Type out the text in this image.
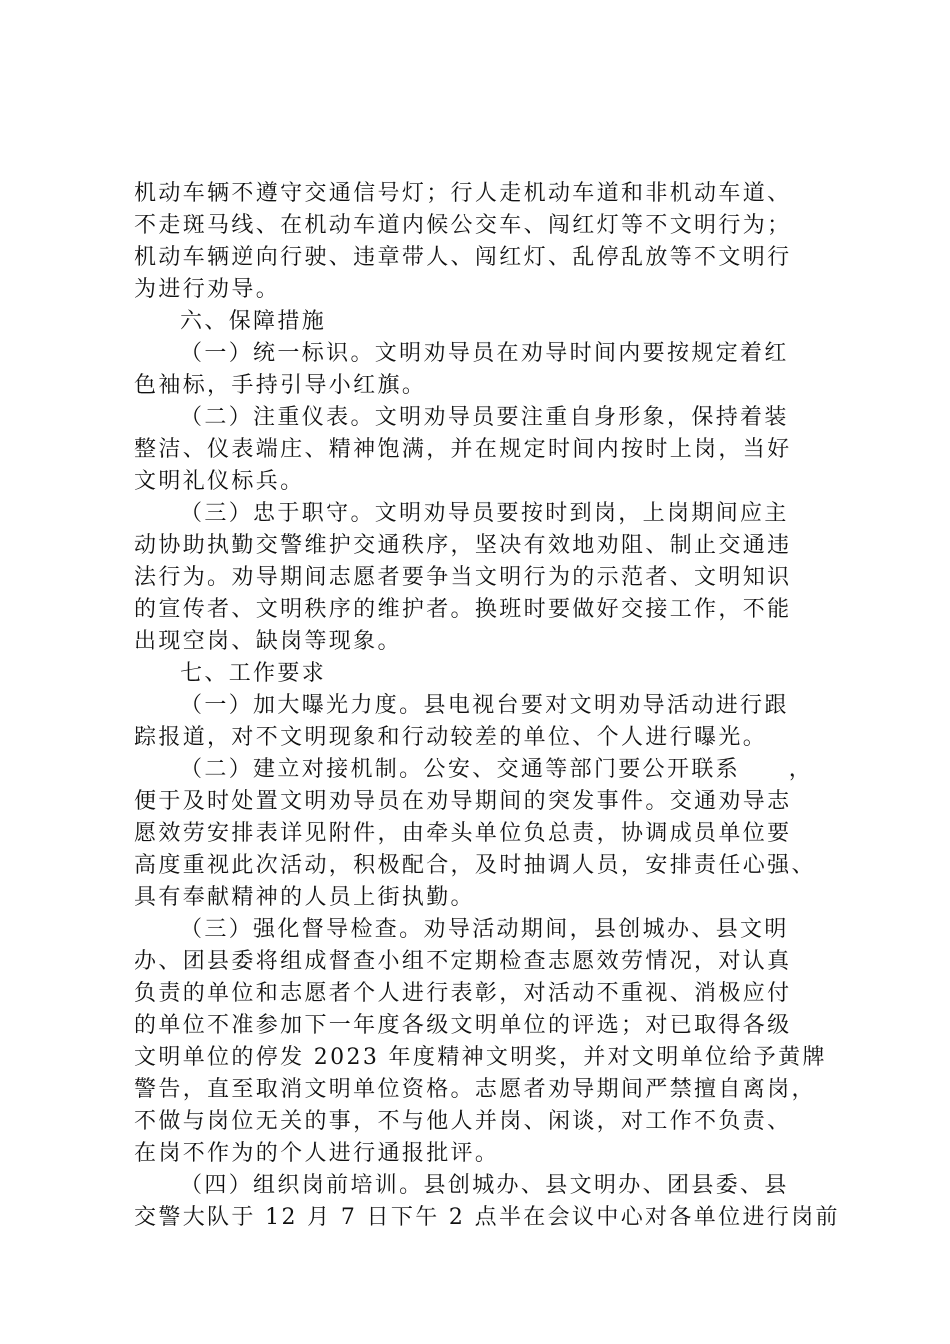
机动车辆不遵守交通信号灯；行人走机动车道和非机动车道、
不走斑马线、在机动车道内候公交车、闯红灯等不文明行为；
机动车辆逆向行驶、违章带人、闯红灯、乱停乱放等不文明行
为进行劝导。
六、保障措施
（一）统一标识。文明劝导员在劝导时间内要按规定着红
色袖标，手持引导小红旗。
（二）注重仪表。文明劝导员要注重自身形象，保持着装
整洁、仪表端庄、精神饱满，并在规定时间内按时上岗，当好
文明礼仪标兵。
（三）忠于职守。文明劝导员要按时到岗，上岗期间应主
动协助执勤交警维护交通秩序，坚决有效地劝阻、制止交通违
法行为。劝导期间志愿者要争当文明行为的示范者、文明知识
的宣传者、文明秩序的维护者。换班时要做好交接工作，不能
出现空岗、缺岗等现象。
七、工作要求
（一）加大曝光力度。县电视台要对文明劝导活动进行跟
踪报道，对不文明现象和行动较差的单位、个人进行曝光。
（二）建立对接机制。公安、交通等部门要公开联系　　，
便于及时处置文明劝导员在劝导期间的突发事件。交通劝导志
愿效劳安排表详见附件，由牵头单位负总责，协调成员单位要
高度重视此次活动，积极配合，及时抽调人员，安排责任心强、
具有奉献精神的人员上街执勤。
（三）强化督导检查。劝导活动期间，县创城办、县文明
办、团县委将组成督查小组不定期检查志愿效劳情况，对认真
负责的单位和志愿者个人进行表彰，对活动不重视、消极应付
的单位不准参加下一年度各级文明单位的评选；对已取得各级
文明单位的停发 2023 年度精神文明奖，并对文明单位给予黄牌
警告，直至取消文明单位资格。志愿者劝导期间严禁擅自离岗，
不做与岗位无关的事，不与他人并岗、闲谈，对工作不负责、
在岗不作为的个人进行通报批评。
（四）组织岗前培训。县创城办、县文明办、团县委、县
交警大队于 12 月 7 日下午 2 点半在会议中心对各单位进行岗前
